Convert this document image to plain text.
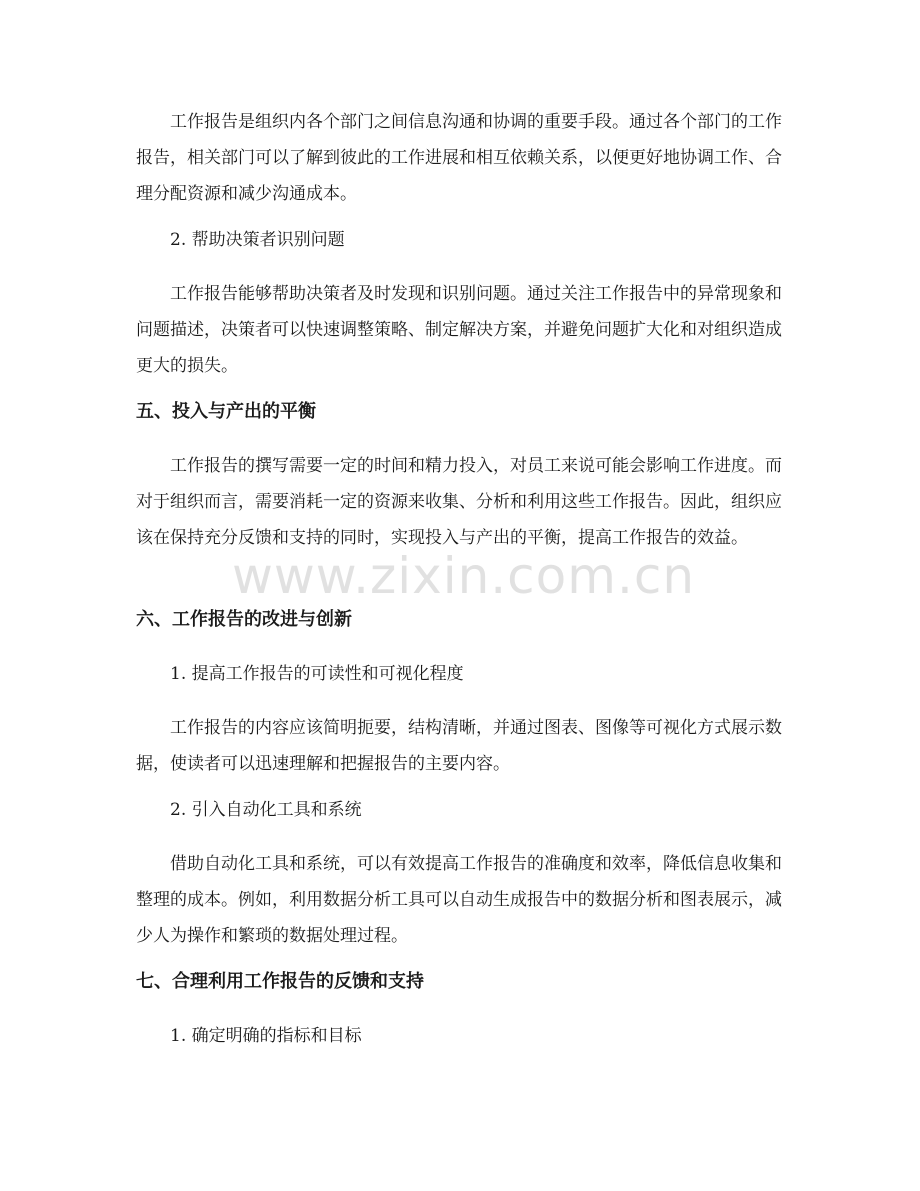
工作报告是组织内各个部门之间信息沟通和协调的重要手段。通过各个部门的工作报告，相关部门可以了解到彼此的工作进展和相互依赖关系，以便更好地协调工作、合理分配资源和减少沟通成本。

2. 帮助决策者识别问题

工作报告能够帮助决策者及时发现和识别问题。通过关注工作报告中的异常现象和问题描述，决策者可以快速调整策略、制定解决方案，并避免问题扩大化和对组织造成更大的损失。

五、投入与产出的平衡

工作报告的撰写需要一定的时间和精力投入，对员工来说可能会影响工作进度。而对于组织而言，需要消耗一定的资源来收集、分析和利用这些工作报告。因此，组织应该在保持充分反馈和支持的同时，实现投入与产出的平衡，提高工作报告的效益。

六、工作报告的改进与创新

1. 提高工作报告的可读性和可视化程度

工作报告的内容应该简明扼要，结构清晰，并通过图表、图像等可视化方式展示数据，使读者可以迅速理解和把握报告的主要内容。

2. 引入自动化工具和系统

借助自动化工具和系统，可以有效提高工作报告的准确度和效率，降低信息收集和整理的成本。例如，利用数据分析工具可以自动生成报告中的数据分析和图表展示，减少人为操作和繁琐的数据处理过程。

七、合理利用工作报告的反馈和支持

1. 确定明确的指标和目标

www.zixin.com.cn
